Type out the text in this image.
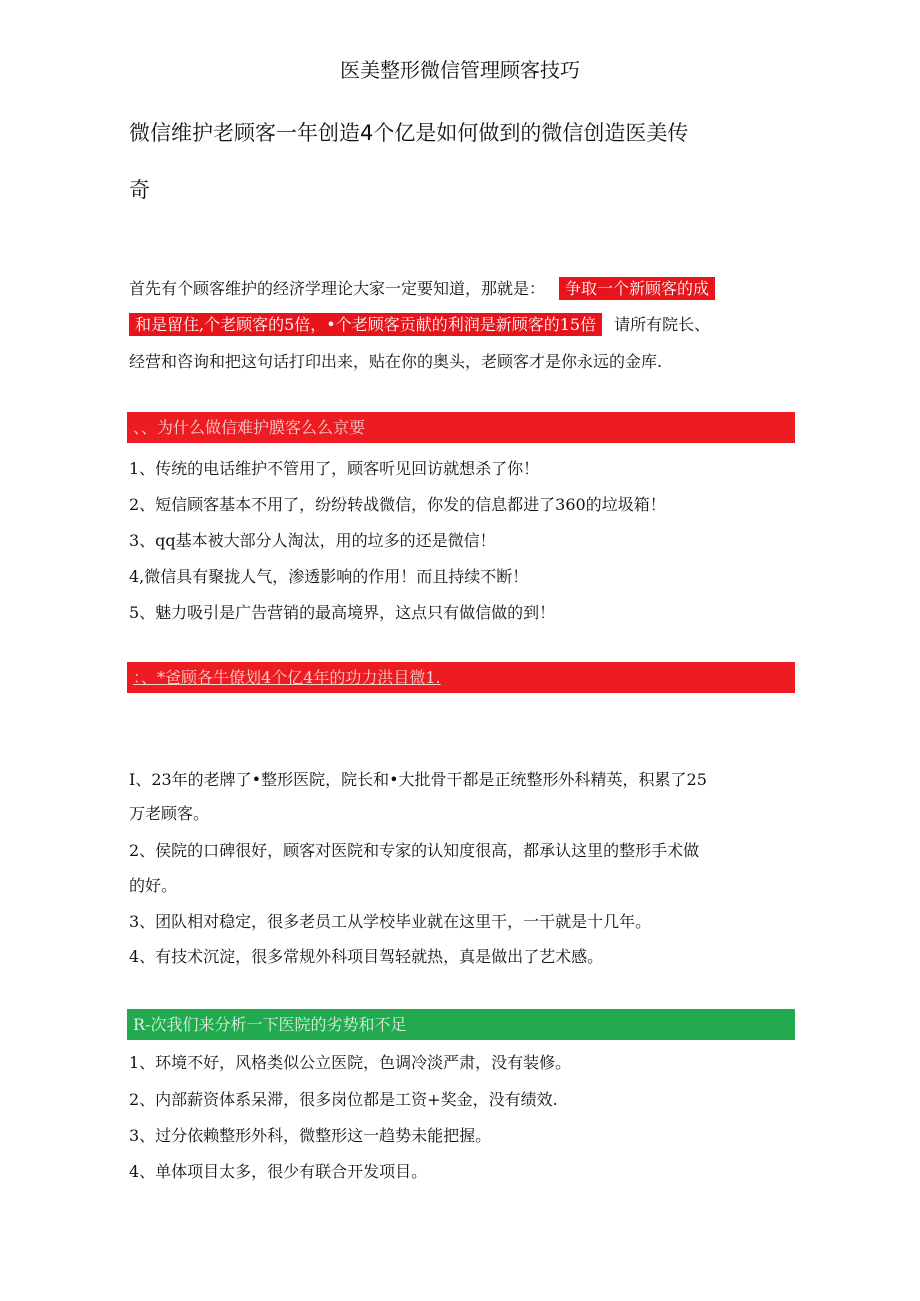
医美整形微信管理顾客技巧
微信维护老顾客一年创造4个亿是如何做到的微信创造医美传
奇
首先有个顾客维护的经济学理论大家一定要知道，那就是： 争取一个新顾客的成
和是留住,个老顾客的5倍，•个老顾客贡献的利润是新顾客的15倍 请所有院长、
经营和咨询和把这句话打印出来，贴在你的奥头，老顾客才是你永远的金库.
、、为什么做信难护膜客么么京要
1、传统的电话维护不管用了，顾客听见回访就想杀了你！
2、短信顾客基本不用了，纷纷转战微信，你发的信息都进了360的垃圾箱！
3、qq基本被大部分人淘汰，用的垃多的还是微信！
4,微信具有聚拢人气，渗透影响的作用！而且持续不断！
5、魅力吸引是广告营销的最高境界，这点只有做信做的到！
：、*爸顾各牛僚划4个亿4年的功力洪目微1.
I、23年的老牌了•整形医院，院长和•大批骨干都是正统整形外科精英，积累了25
万老顾客。
2、侯院的口碑很好，顾客对医院和专家的认知度很高，都承认这里的整形手术做
的好。
3、团队相对稳定，很多老员工从学校毕业就在这里干，一干就是十几年。
4、有技术沉淀，很多常规外科项目驾轻就热，真是做出了艺术感。
R-次我们来分析一下医院的劣势和不足
1、环境不好，风格类似公立医院，色调冷淡严肃，没有装修。
2、内部薪资体系呆滞，很多岗位都是工资+奖金，没有绩效.
3、过分依赖整形外科，微整形这一趋势未能把握。
4、单体项目太多，很少有联合开发项目。
